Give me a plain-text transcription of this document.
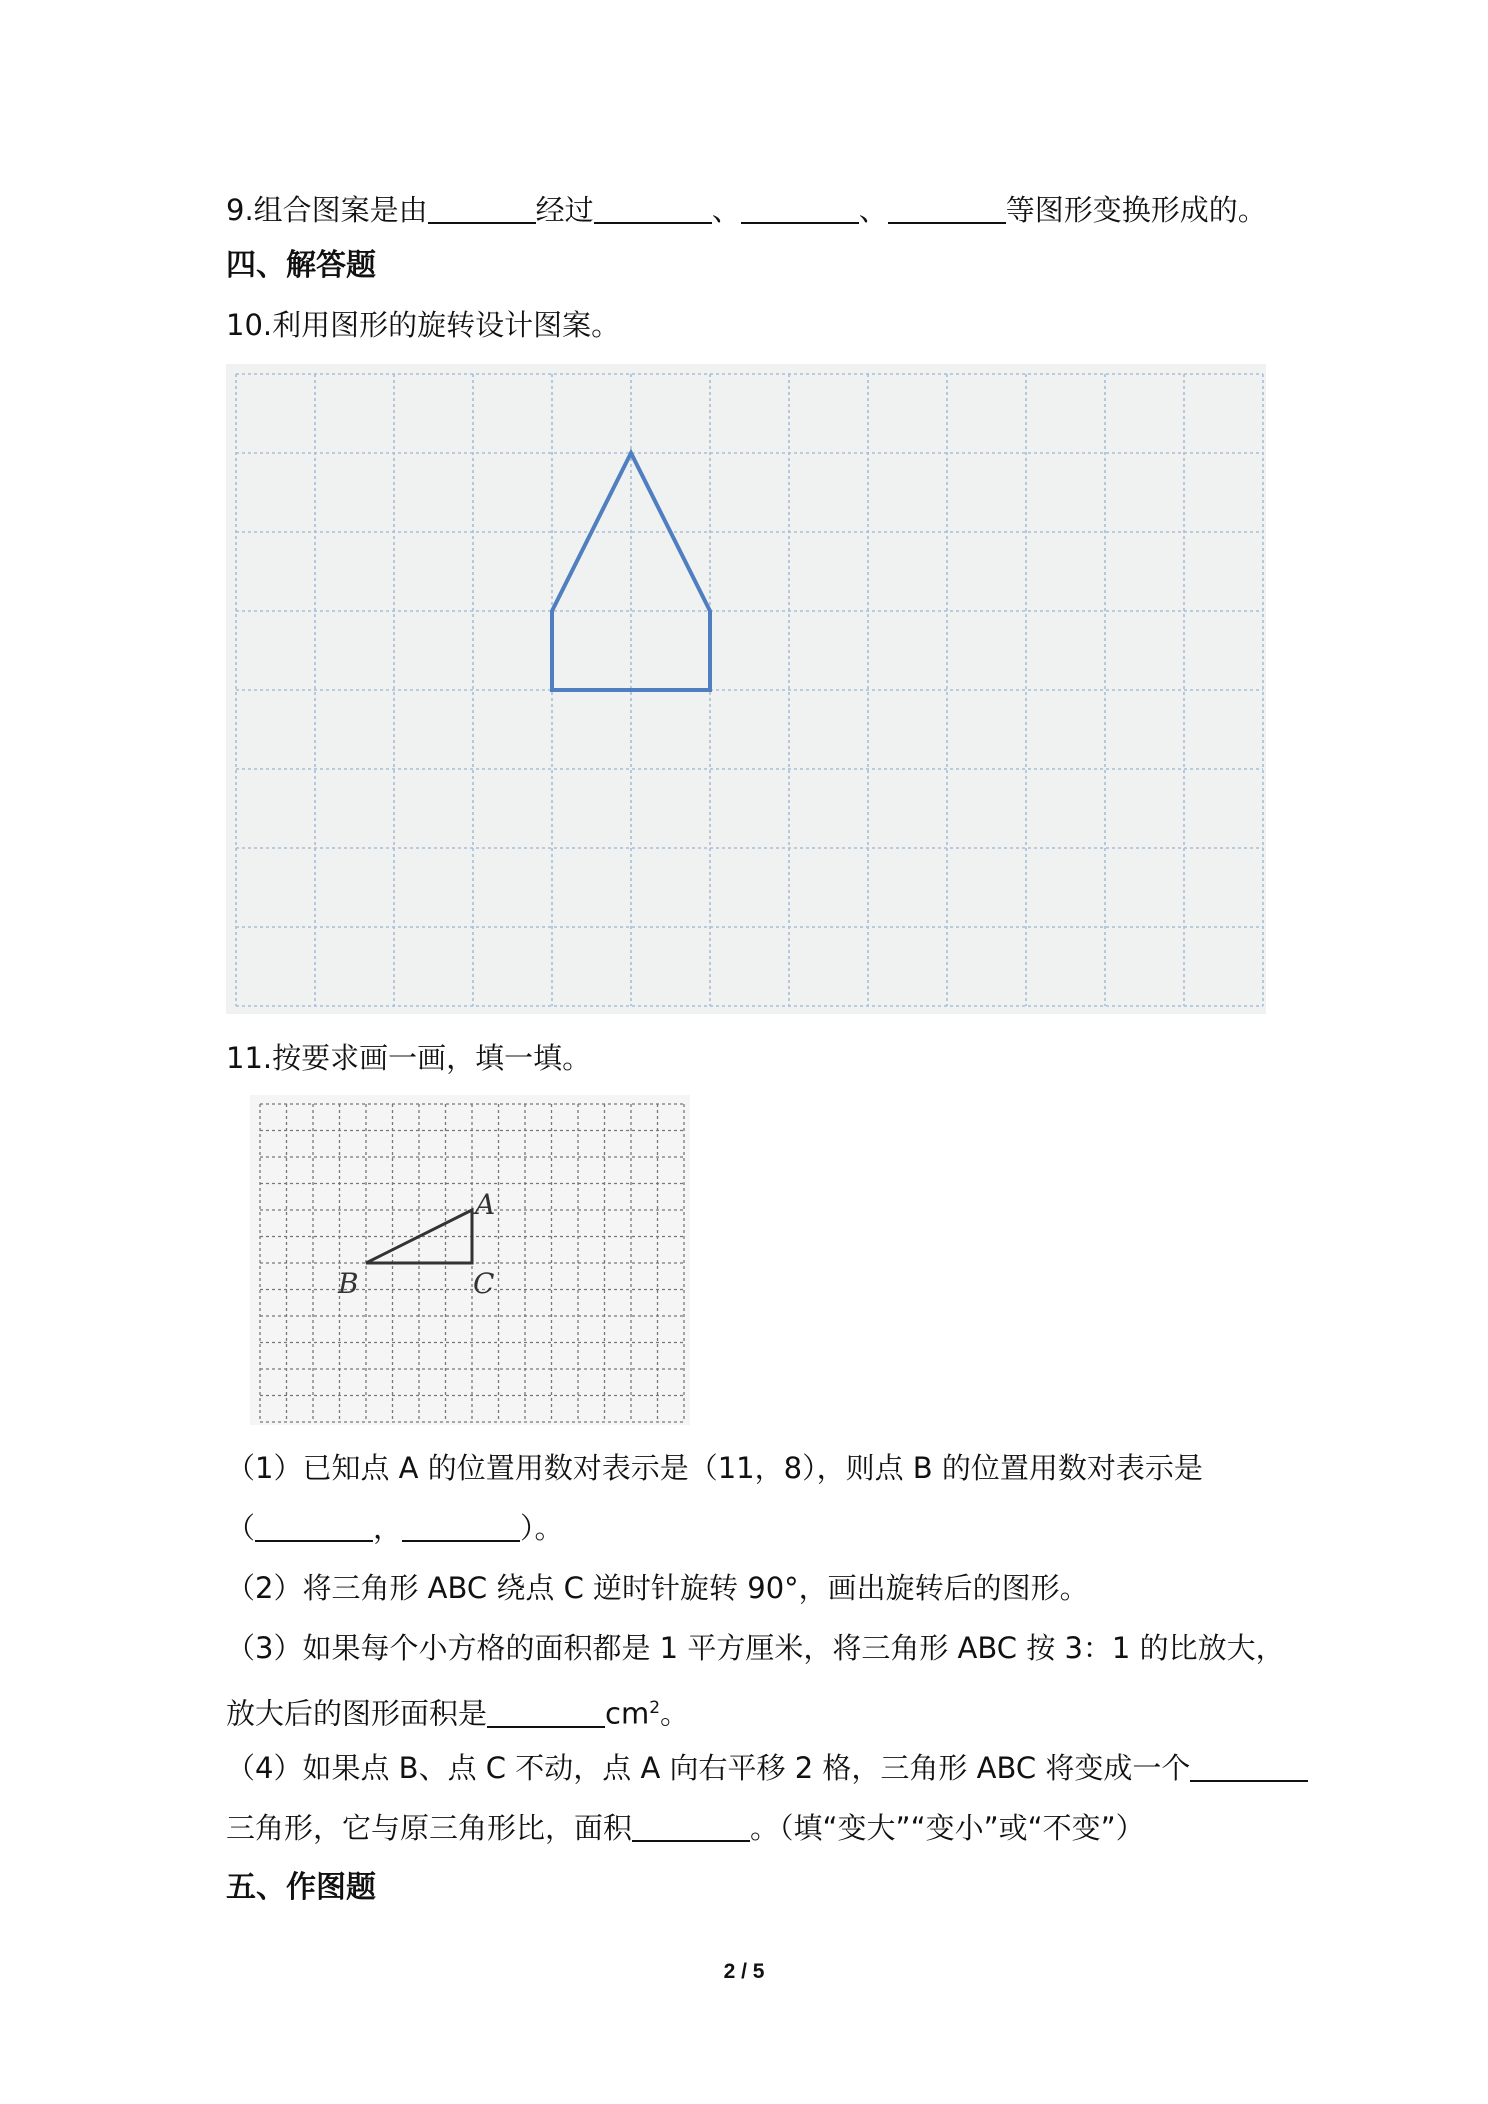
9.组合图案是由	经过	、	、	等图形变换形成的。
四、解答题
10.利用图形的旋转设计图案。
11.按要求画一画，填一填。
A
B	C
（1）已知点 A 的位置用数对表示是（11，8），则点 B 的位置用数对表示是
（	，	）。
（2）将三角形 ABC 绕点 C 逆时针旋转 90°，画出旋转后的图形。
（3）如果每个小方格的面积都是 1 平方厘米，将三角形 ABC 按 3：1 的比放大，
放大后的图形面积是	$cm^2$。
（4）如果点 B、点 C 不动，点 A 向右平移 2 格，三角形 ABC 将变成一个
三角形，它与原三角形比，面积	。（填“变大”“变小”或“不变”）
五、作图题
2 / 5
